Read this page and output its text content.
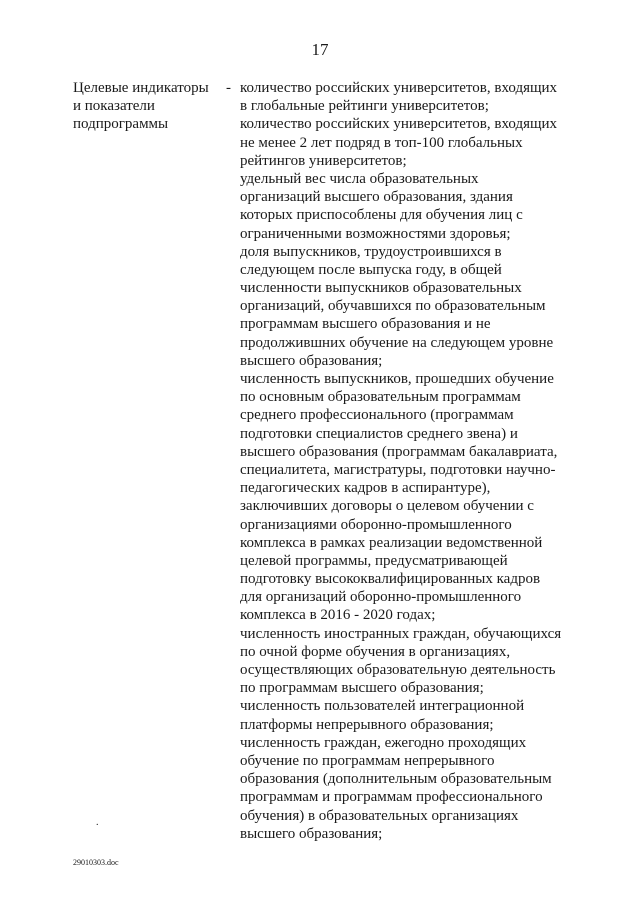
17
Целевые индикаторы
и показатели
подпрограммы
- количество российских университетов, входящих
в глобальные рейтинги университетов;
количество российских университетов, входящих
не менее 2 лет подряд в топ-100 глобальных
рейтингов университетов;
удельный вес числа образовательных
организаций высшего образования, здания
которых приспособлены для обучения лиц с
ограниченными возможностями здоровья;
доля выпускников, трудоустроившихся в
следующем после выпуска году, в общей
численности выпускников образовательных
организаций, обучавшихся по образовательным
программам высшего образования и не
продолжившних обучение на следующем уровне
высшего образования;
численность выпускников, прошедших обучение
по основным образовательным программам
среднего профессионального (программам
подготовки специалистов среднего звена) и
высшего образования (программам бакалавриата,
специалитета, магистратуры, подготовки научно-
педагогических кадров в аспирантуре),
заключивших договоры о целевом обучении с
организациями оборонно-промышленного
комплекса в рамках реализации ведомственной
целевой программы, предусматривающей
подготовку высококвалифицированных кадров
для организаций оборонно-промышленного
комплекса в 2016 - 2020 годах;
численность иностранных граждан, обучающихся
по очной форме обучения в организациях,
осуществляющих образовательную деятельность
по программам высшего образования;
численность пользователей интеграционной
платформы непрерывного образования;
численность граждан, ежегодно проходящих
обучение по программам непрерывного
образования (дополнительным образовательным
программам и программам профессионального
обучения) в образовательных организациях
высшего образования;
.
29010303.doc
